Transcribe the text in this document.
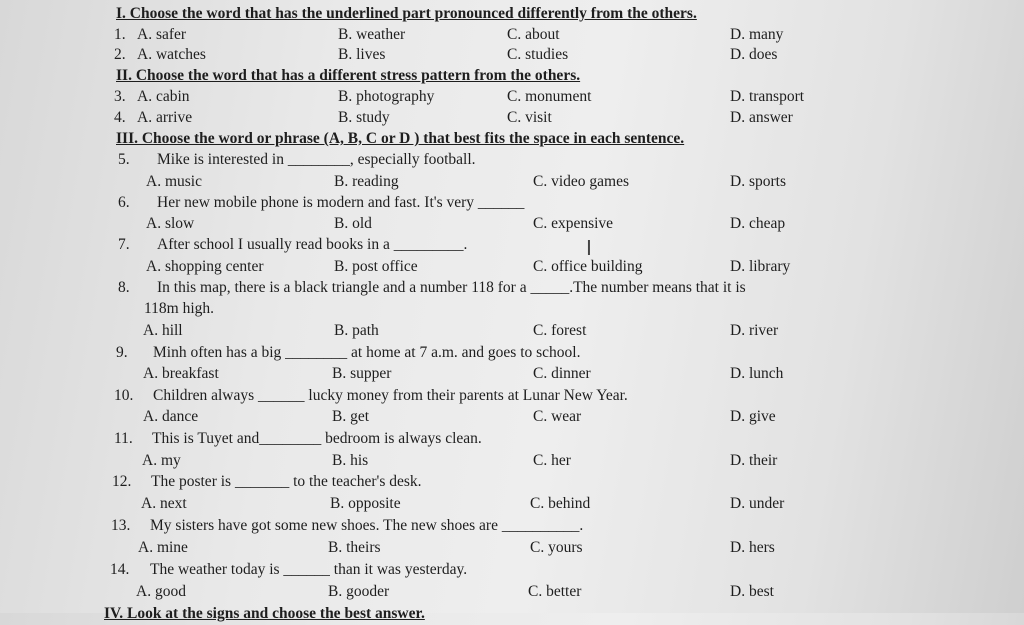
I. Choose the word that has the underlined part pronounced differently from the others.
1. A. safer	B. weather	C. about	D. many
2. A. watches	B. lives	C. studies	D. does
II. Choose the word that has a different stress pattern from the others.
3. A. cabin	B. photography	C. monument	D. transport
4. A. arrive	B. study	C. visit	D. answer
III. Choose the word or phrase (A, B, C or D ) that best fits the space in each sentence.
5. Mike is interested in ________, especially football.
A. music	B. reading	C. video games	D. sports
6. Her new mobile phone is modern and fast. It's very ______
A. slow	B. old	C. expensive	D. cheap
7. After school I usually read books in a _________.	I
A. shopping center	B. post office	C. office building	D. library
8. In this map, there is a black triangle and a number 118 for a _____.The number means that it is
118m high.
A. hill	B. path	C. forest	D. river
9. Minh often has a big ________ at home at 7 a.m. and goes to school.
A. breakfast	B. supper	C. dinner	D. lunch
10. Children always ______ lucky money from their parents at Lunar New Year.
A. dance	B. get	C. wear	D. give
11. This is Tuyet and________ bedroom is always clean.
A. my	B. his	C. her	D. their
12. The poster is _______ to the teacher's desk.
A. next	B. opposite	C. behind	D. under
13. My sisters have got some new shoes. The new shoes are __________.
A. mine	B. theirs	C. yours	D. hers
14. The weather today is ______ than it was yesterday.
A. good	B. gooder	C. better	D. best
IV. Look at the signs and choose the best answer.
